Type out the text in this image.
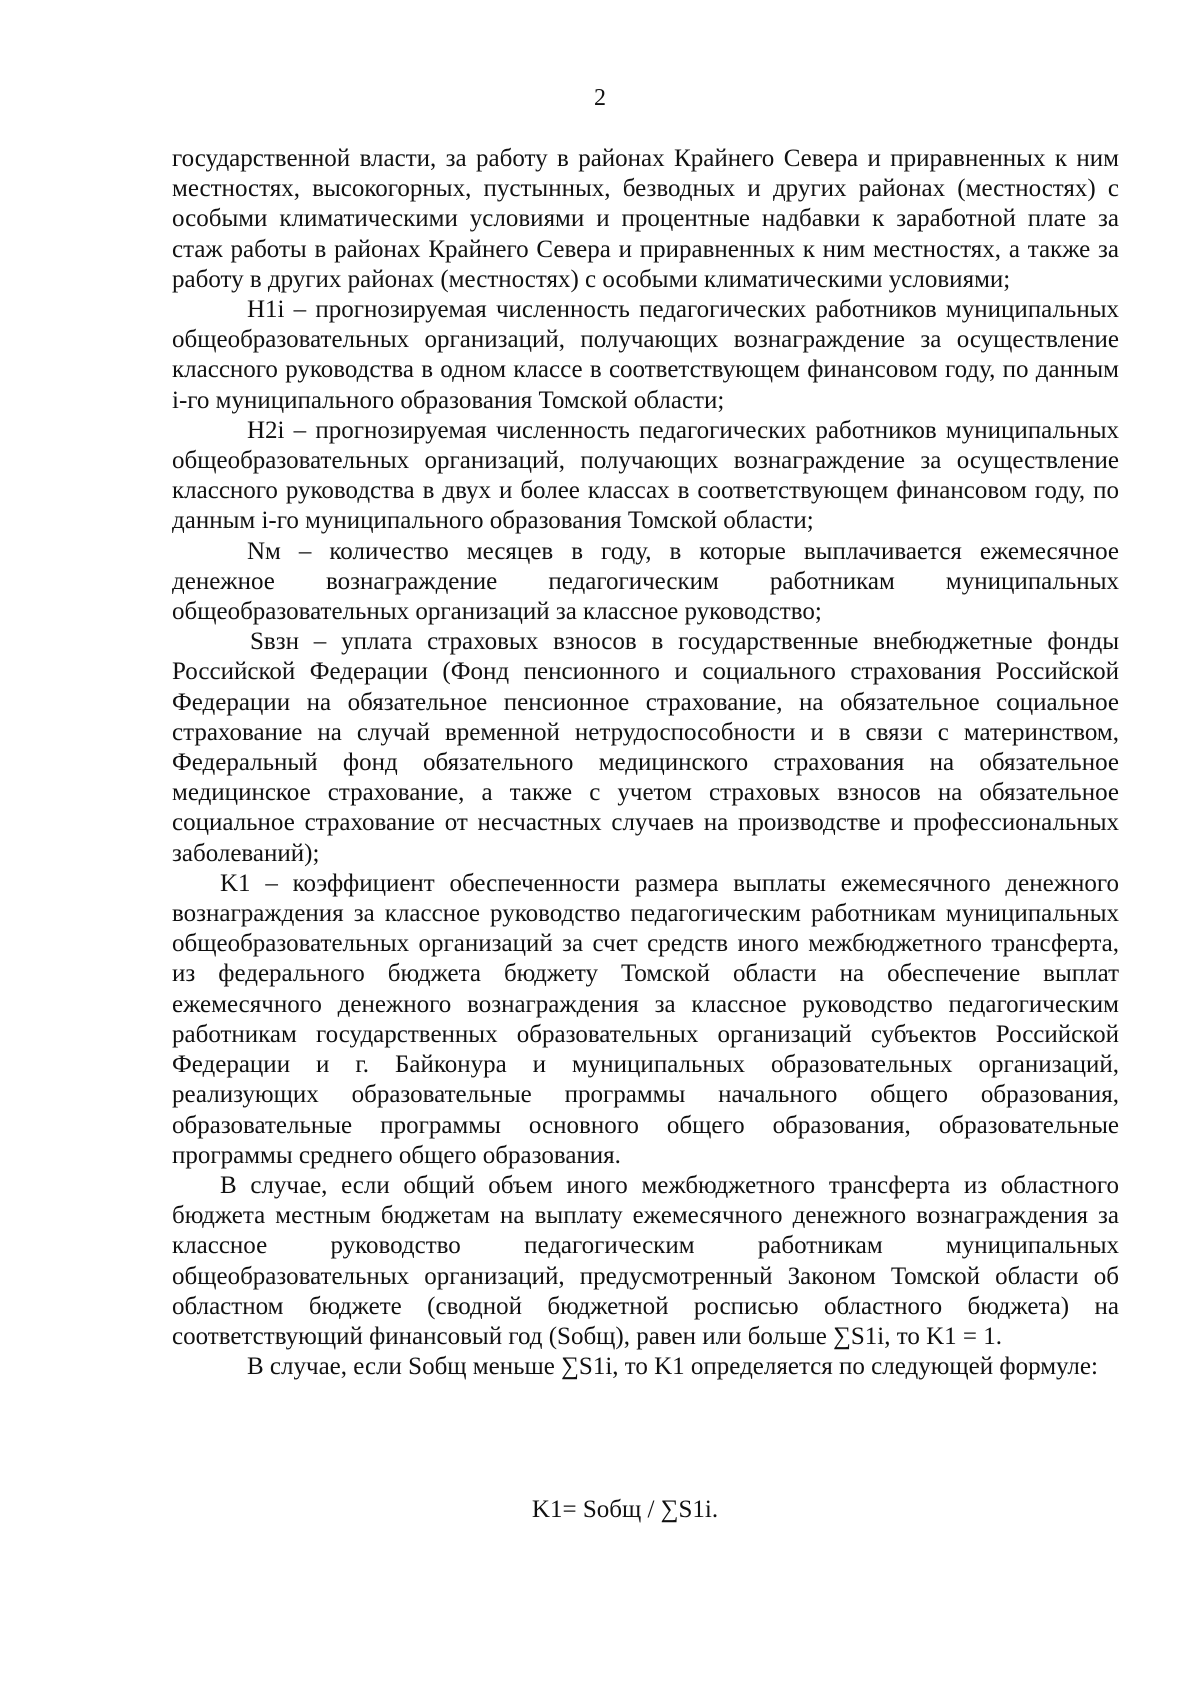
2

государственной власти, за работу в районах Крайнего Севера и приравненных к ним местностях, высокогорных, пустынных, безводных и других районах (местностях) с особыми климатическими условиями и процентные надбавки к заработной плате за стаж работы в районах Крайнего Севера и приравненных к ним местностях, а также за работу в других районах (местностях) с особыми климатическими условиями;

H1i – прогнозируемая численность педагогических работников муниципальных общеобразовательных организаций, получающих вознаграждение за осуществление классного руководства в одном классе в соответствующем финансовом году, по данным i-го муниципального образования Томской области;

H2i – прогнозируемая численность педагогических работников муниципальных общеобразовательных организаций, получающих вознаграждение за осуществление классного руководства в двух и более классах в соответствующем финансовом году, по данным i-го муниципального образования Томской области;

Nм – количество месяцев в году, в которые выплачивается ежемесячное денежное вознаграждение педагогическим работникам муниципальных общеобразовательных организаций за классное руководство;

Sвзн – уплата страховых взносов в государственные внебюджетные фонды Российской Федерации (Фонд пенсионного и социального страхования Российской Федерации на обязательное пенсионное страхование, на обязательное социальное страхование на случай временной нетрудоспособности и в связи с материнством, Федеральный фонд обязательного медицинского страхования на обязательное медицинское страхование, а также с учетом страховых взносов на обязательное социальное страхование от несчастных случаев на производстве и профессиональных заболеваний);

K1 – коэффициент обеспеченности размера выплаты ежемесячного денежного вознаграждения за классное руководство педагогическим работникам муниципальных общеобразовательных организаций за счет средств иного межбюджетного трансферта, из федерального бюджета бюджету Томской области на обеспечение выплат ежемесячного денежного вознаграждения за классное руководство педагогическим работникам государственных образовательных организаций субъектов Российской Федерации и г. Байконура и муниципальных образовательных организаций, реализующих образовательные программы начального общего образования, образовательные программы основного общего образования, образовательные программы среднего общего образования.

В случае, если общий объем иного межбюджетного трансферта из областного бюджета местным бюджетам на выплату ежемесячного денежного вознаграждения за классное руководство педагогическим работникам муниципальных общеобразовательных организаций, предусмотренный Законом Томской области об областном бюджете (сводной бюджетной росписью областного бюджета) на соответствующий финансовый год (Sобщ), равен или больше ∑S1i, то K1 = 1.

В случае, если Sобщ меньше ∑S1i, то K1 определяется по следующей формуле:

K1= Sобщ / ∑S1i.
